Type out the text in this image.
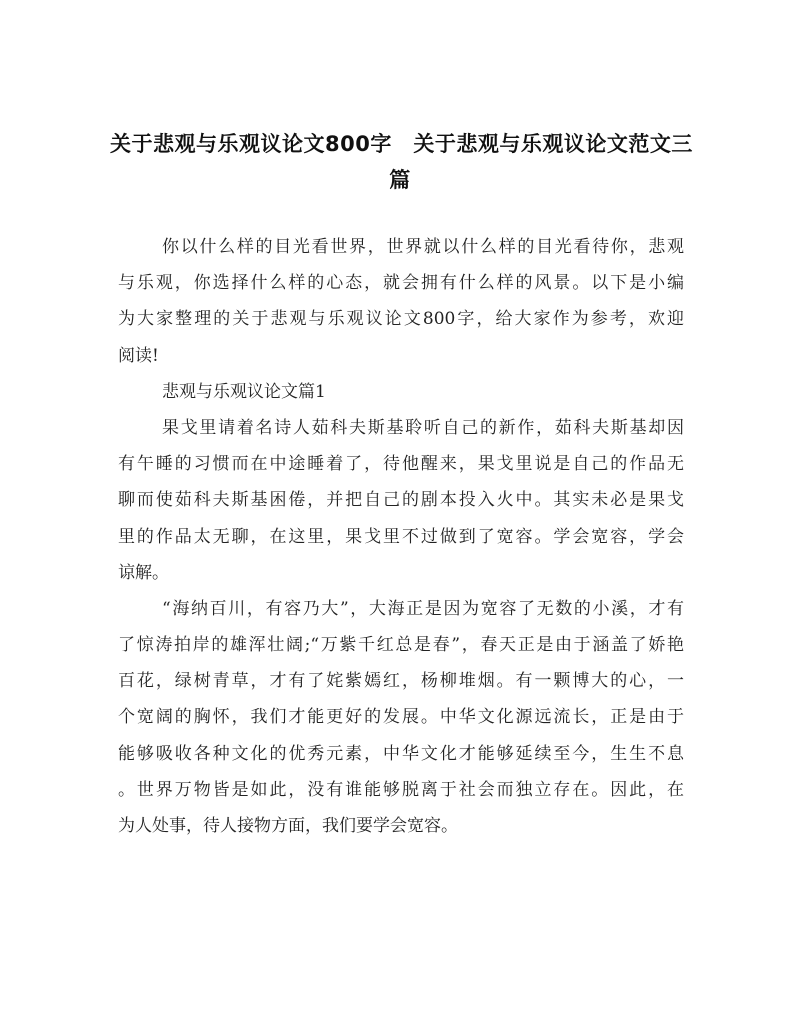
关于悲观与乐观议论文800字　关于悲观与乐观议论文范文三
篇
你以什么样的目光看世界，世界就以什么样的目光看待你，悲观
与乐观，你选择什么样的心态，就会拥有什么样的风景。以下是小编
为大家整理的关于悲观与乐观议论文800字，给大家作为参考，欢迎
阅读!
悲观与乐观议论文篇1
果戈里请着名诗人茹科夫斯基聆听自己的新作，茹科夫斯基却因
有午睡的习惯而在中途睡着了，待他醒来，果戈里说是自己的作品无
聊而使茹科夫斯基困倦，并把自己的剧本投入火中。其实未必是果戈
里的作品太无聊，在这里，果戈里不过做到了宽容。学会宽容，学会
谅解。
“海纳百川，有容乃大”，大海正是因为宽容了无数的小溪，才有
了惊涛拍岸的雄浑壮阔;“万紫千红总是春”，春天正是由于涵盖了娇艳
百花，绿树青草，才有了姹紫嫣红，杨柳堆烟。有一颗博大的心，一
个宽阔的胸怀，我们才能更好的发展。中华文化源远流长，正是由于
能够吸收各种文化的优秀元素，中华文化才能够延续至今，生生不息
。世界万物皆是如此，没有谁能够脱离于社会而独立存在。因此，在
为人处事，待人接物方面，我们要学会宽容。
